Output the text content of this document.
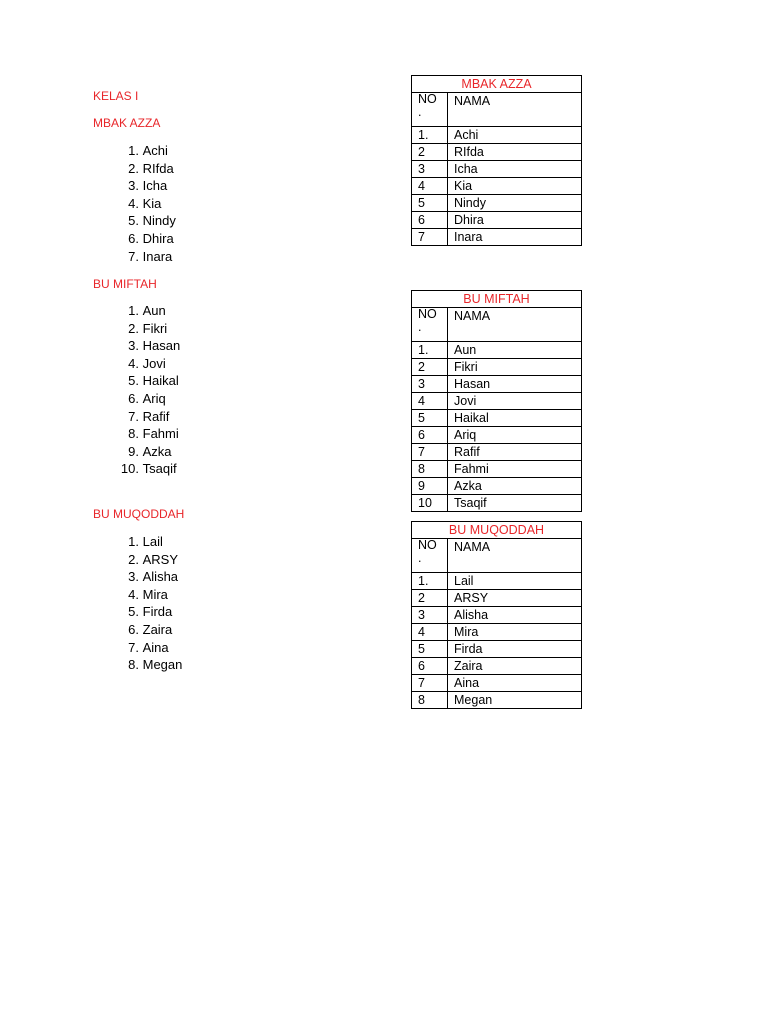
KELAS I
MBAK AZZA
1. Achi
2. RIfda
3. Icha
4. Kia
5. Nindy
6. Dhira
7. Inara
MBAK AZZA	

NO
.	NAMA
1.	Achi
2	RIfda
3	Icha
4	Kia
5	Nindy
6	Dhira
7	Inara
BU MIFTAH
1. Aun
2. Fikri
3. Hasan
4. Jovi
5. Haikal
6. Ariq
7. Rafif
8. Fahmi
9. Azka
10. Tsaqif
BU MIFTAH	

NO
.	NAMA
1.	Aun
2	Fikri
3	Hasan
4	Jovi
5	Haikal
6	Ariq
7	Rafif
8	Fahmi
9	Azka
10	Tsaqif
BU MUQODDAH
1. Lail
2. ARSY
3. Alisha
4. Mira
5. Firda
6. Zaira
7. Aina
8. Megan
BU MUQODDAH	

NO
.	NAMA
1.	Lail
2	ARSY
3	Alisha
4	Mira
5	Firda
6	Zaira
7	Aina
8	Megan
